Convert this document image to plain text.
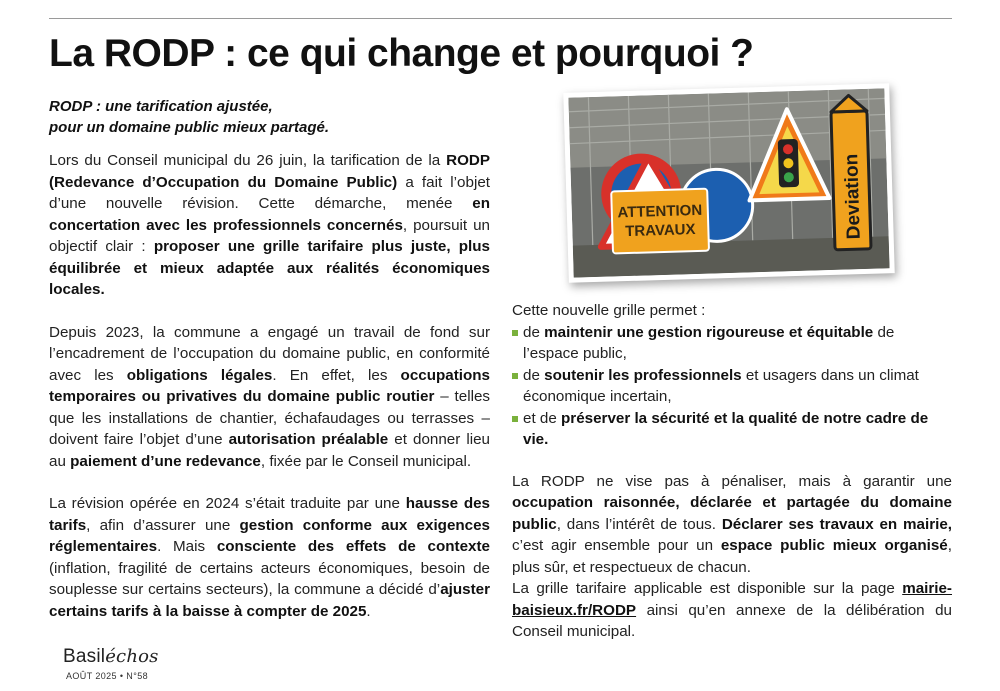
La RODP : ce qui change et pourquoi ?
RODP : une tarification ajustée,
pour un domaine public mieux partagé.

Lors du Conseil municipal du 26 juin, la tarification de la RODP (Redevance d’Occupation du Domaine Public) a fait l’objet d’une nouvelle révision. Cette démarche, menée en concertation avec les professionnels concernés, poursuit un objectif clair : proposer une grille tarifaire plus juste, plus équilibrée et mieux adaptée aux réalités économiques locales.

Depuis 2023, la commune a engagé un travail de fond sur l’encadrement de l’occupation du domaine public, en conformité avec les obligations légales. En effet, les occupations temporaires ou privatives du domaine public routier – telles que les installations de chantier, échafaudages ou terrasses – doivent faire l’objet d’une autorisation préalable et donner lieu au paiement d’une redevance, fixée par le Conseil municipal.

La révision opérée en 2024 s’était traduite par une hausse des tarifs, afin d’assurer une gestion conforme aux exigences réglementaires. Mais consciente des effets de contexte (inflation, fragilité de certains acteurs économiques, besoin de souplesse sur certains secteurs), la commune a décidé d’ajuster certains tarifs à la baisse à compter de 2025.

ATTENTION
TRAVAUX	Deviation

Cette nouvelle grille permet :

de maintenir une gestion rigoureuse et équitable de l’espace public,
de soutenir les professionnels et usagers dans un climat économique incertain,
et de préserver la sécurité et la qualité de notre cadre de vie.

La RODP ne vise pas à pénaliser, mais à garantir une occupation raisonnée, déclarée et partagée du domaine public, dans l’intérêt de tous. Déclarer ses travaux en mairie, c’est agir ensemble pour un espace public mieux organisé, plus sûr, et respectueux de chacun.

La grille tarifaire applicable est disponible sur la page mairie-baisieux.fr/RODP ainsi qu’en annexe de la délibération du Conseil municipal.

Basiléchos
AOÛT 2025 • N°58
